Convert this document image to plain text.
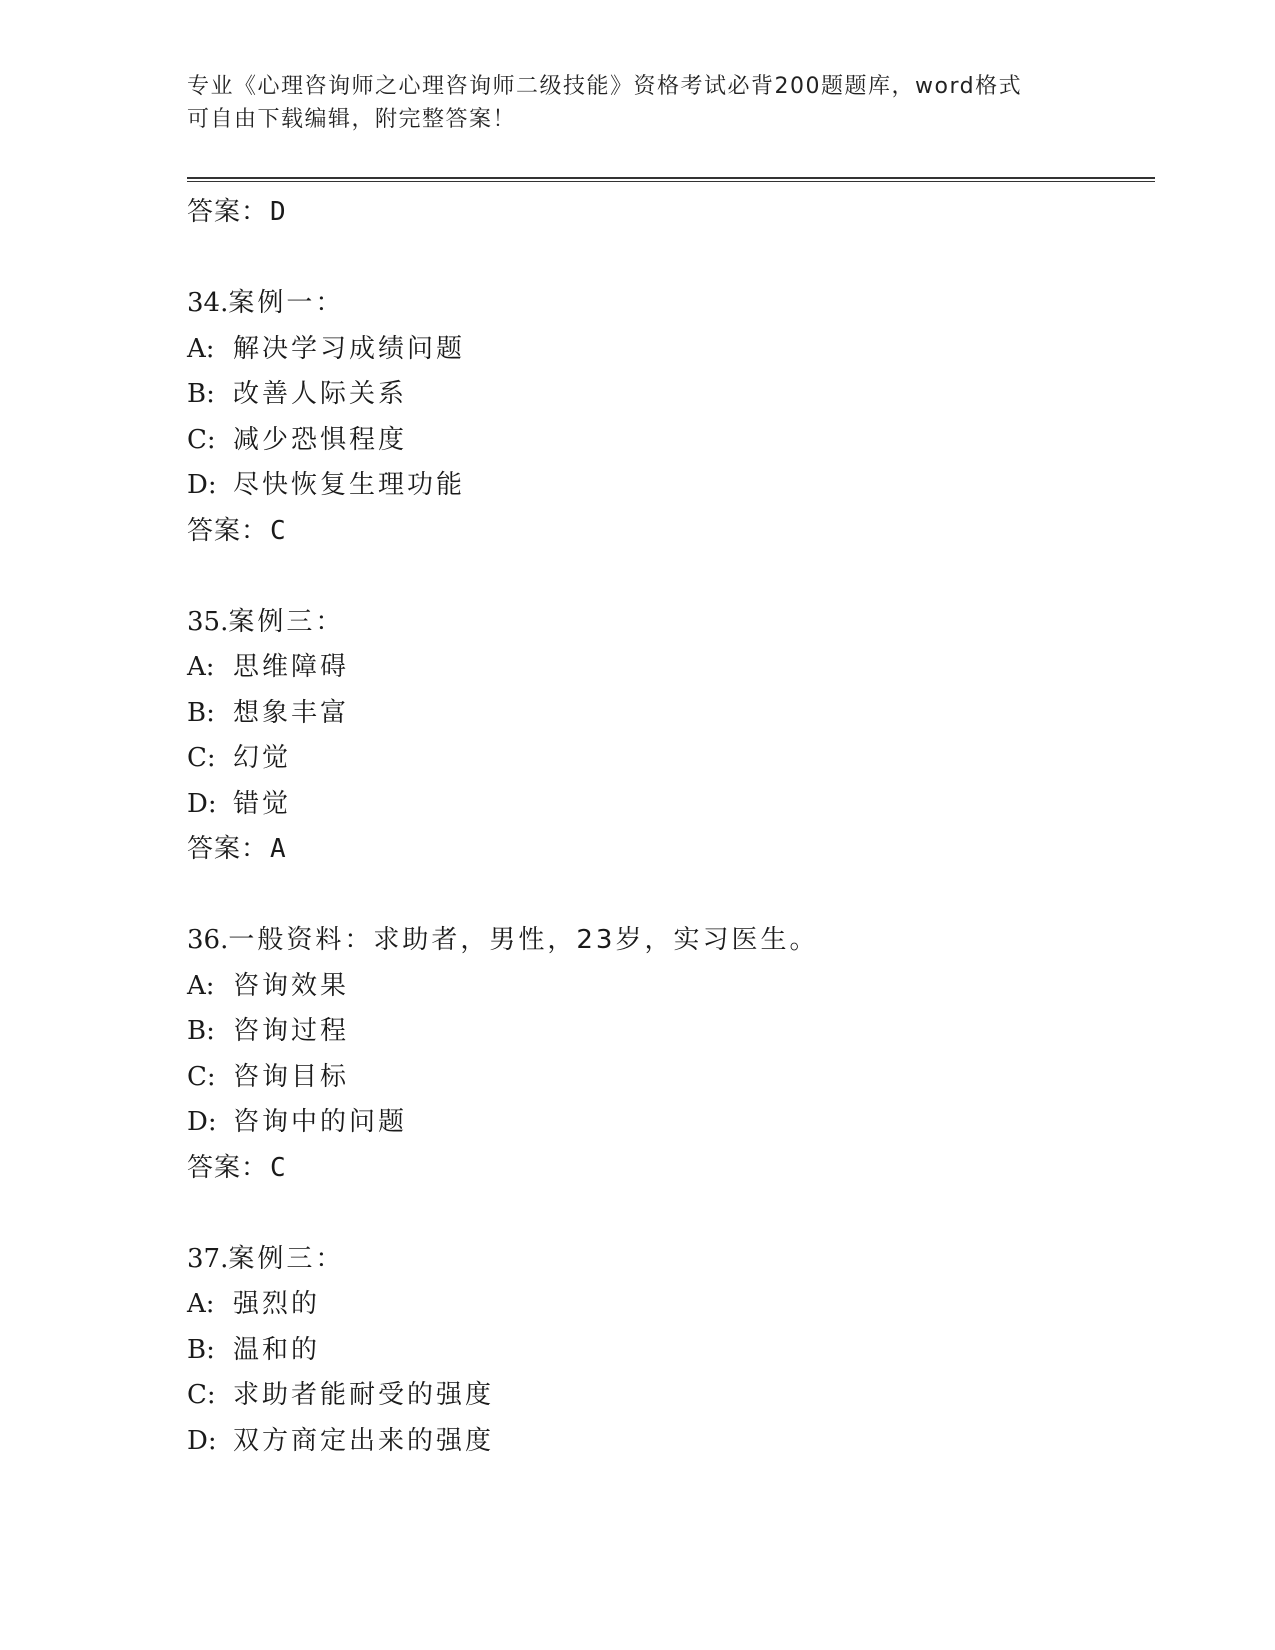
专业《心理咨询师之心理咨询师二级技能》资格考试必背200题题库，word格式
可自由下载编辑，附完整答案！
答案：D
34.案例一：
A: 解决学习成绩问题
B: 改善人际关系
C: 减少恐惧程度
D: 尽快恢复生理功能
答案：C
35.案例三：
A: 思维障碍
B: 想象丰富
C: 幻觉
D: 错觉
答案：A
36.一般资料：求助者，男性，23岁，实习医生。
A: 咨询效果
B: 咨询过程
C: 咨询目标
D: 咨询中的问题
答案：C
37.案例三：
A: 强烈的
B: 温和的
C: 求助者能耐受的强度
D: 双方商定出来的强度
